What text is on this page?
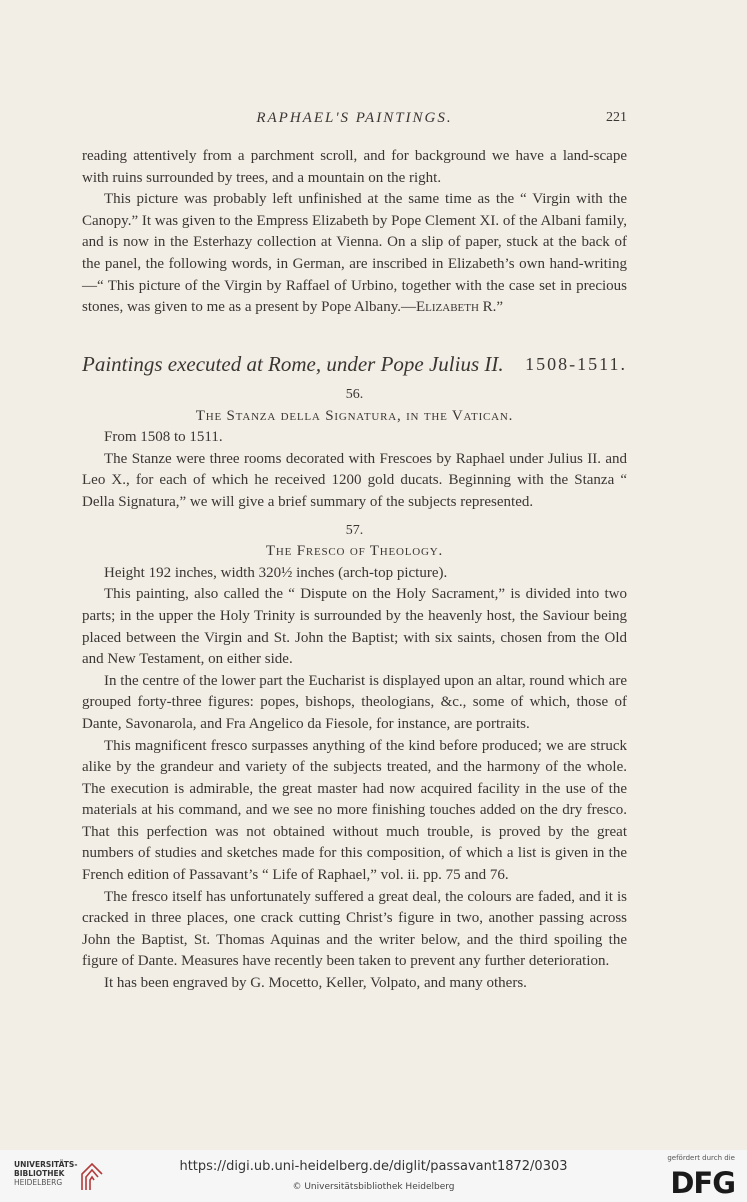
RAPHAEL'S PAINTINGS.	221

reading attentively from a parchment scroll, and for background we have a land-scape with ruins surrounded by trees, and a mountain on the right.

This picture was probably left unfinished at the same time as the “ Virgin with the Canopy.” It was given to the Empress Elizabeth by Pope Clement XI. of the Albani family, and is now in the Esterhazy collection at Vienna. On a slip of paper, stuck at the back of the panel, the following words, in German, are inscribed in Elizabeth’s own hand-writing—“ This picture of the Virgin by Raffael of Urbino, together with the case set in precious stones, was given to me as a present by Pope Albany.—Elizabeth R.”

Paintings executed at Rome, under Pope Julius II. 1508-1511.
56.
The Stanza della Signatura, in the Vatican.

From 1508 to 1511.

The Stanze were three rooms decorated with Frescoes by Raphael under Julius II. and Leo X., for each of which he received 1200 gold ducats. Beginning with the Stanza “ Della Signatura,” we will give a brief summary of the subjects represented.

57.
The Fresco of Theology.

Height 192 inches, width 320½ inches (arch-top picture).

This painting, also called the “ Dispute on the Holy Sacrament,” is divided into two parts; in the upper the Holy Trinity is surrounded by the heavenly host, the Saviour being placed between the Virgin and St. John the Baptist; with six saints, chosen from the Old and New Testament, on either side.

In the centre of the lower part the Eucharist is displayed upon an altar, round which are grouped forty-three figures: popes, bishops, theologians, &c., some of which, those of Dante, Savonarola, and Fra Angelico da Fiesole, for instance, are portraits.

This magnificent fresco surpasses anything of the kind before produced; we are struck alike by the grandeur and variety of the subjects treated, and the harmony of the whole. The execution is admirable, the great master had now acquired facility in the use of the materials at his command, and we see no more finishing touches added on the dry fresco. That this perfection was not obtained without much trouble, is proved by the great numbers of studies and sketches made for this composition, of which a list is given in the French edition of Passavant’s “ Life of Raphael,” vol. ii. pp. 75 and 76.

The fresco itself has unfortunately suffered a great deal, the colours are faded, and it is cracked in three places, one crack cutting Christ’s figure in two, another passing across John the Baptist, St. Thomas Aquinas and the writer below, and the third spoiling the figure of Dante. Measures have recently been taken to prevent any further deterioration.

It has been engraved by G. Mocetto, Keller, Volpato, and many others.

UNIVERSITÄTS-
BIBLIOTHEK
HEIDELBERG
https://digi.ub.uni-heidelberg.de/diglit/passavant1872/0303
© Universitätsbibliothek Heidelberg
gefördert durch die
DFG
